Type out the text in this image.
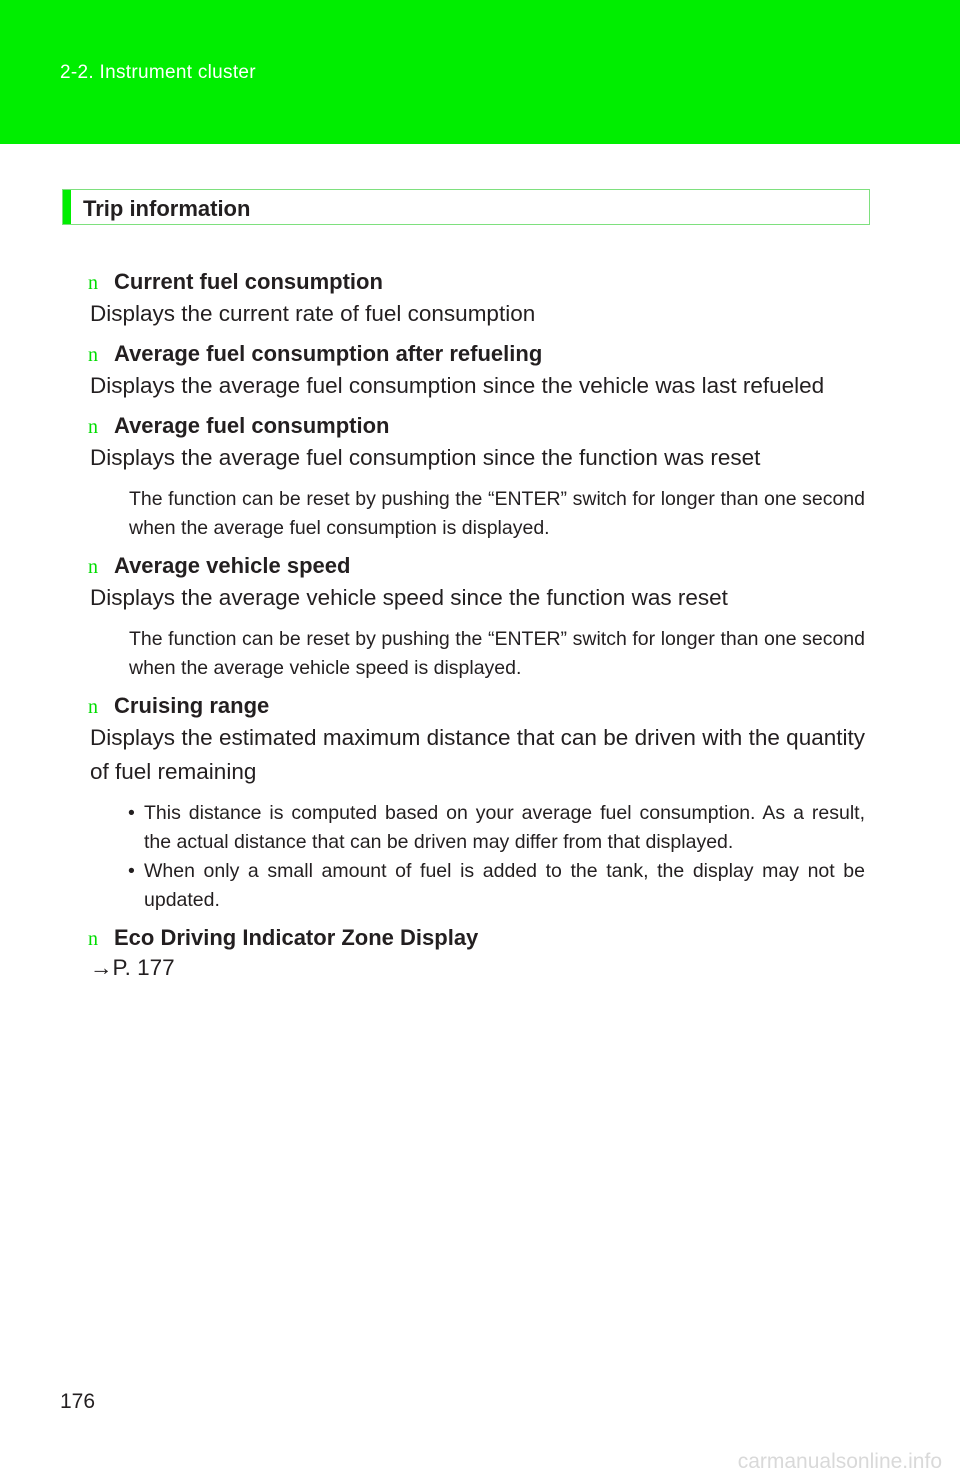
2-2. Instrument cluster
Trip information
n Current fuel consumption

Displays the current rate of fuel consumption

n Average fuel consumption after refueling

Displays the average fuel consumption since the vehicle was last refueled

n Average fuel consumption

Displays the average fuel consumption since the function was reset

The function can be reset by pushing the “ENTER” switch for longer than one second when the average fuel consumption is displayed.

n Average vehicle speed

Displays the average vehicle speed since the function was reset

The function can be reset by pushing the “ENTER” switch for longer than one second when the average vehicle speed is displayed.

n Cruising range

Displays the estimated maximum distance that can be driven with the quantity of fuel remaining

• This distance is computed based on your average fuel consumption. As a result, the actual distance that can be driven may differ from that displayed.
• When only a small amount of fuel is added to the tank, the display may not be updated.
n Eco Driving Indicator Zone Display
→P. 177
176
carmanualsonline.info
